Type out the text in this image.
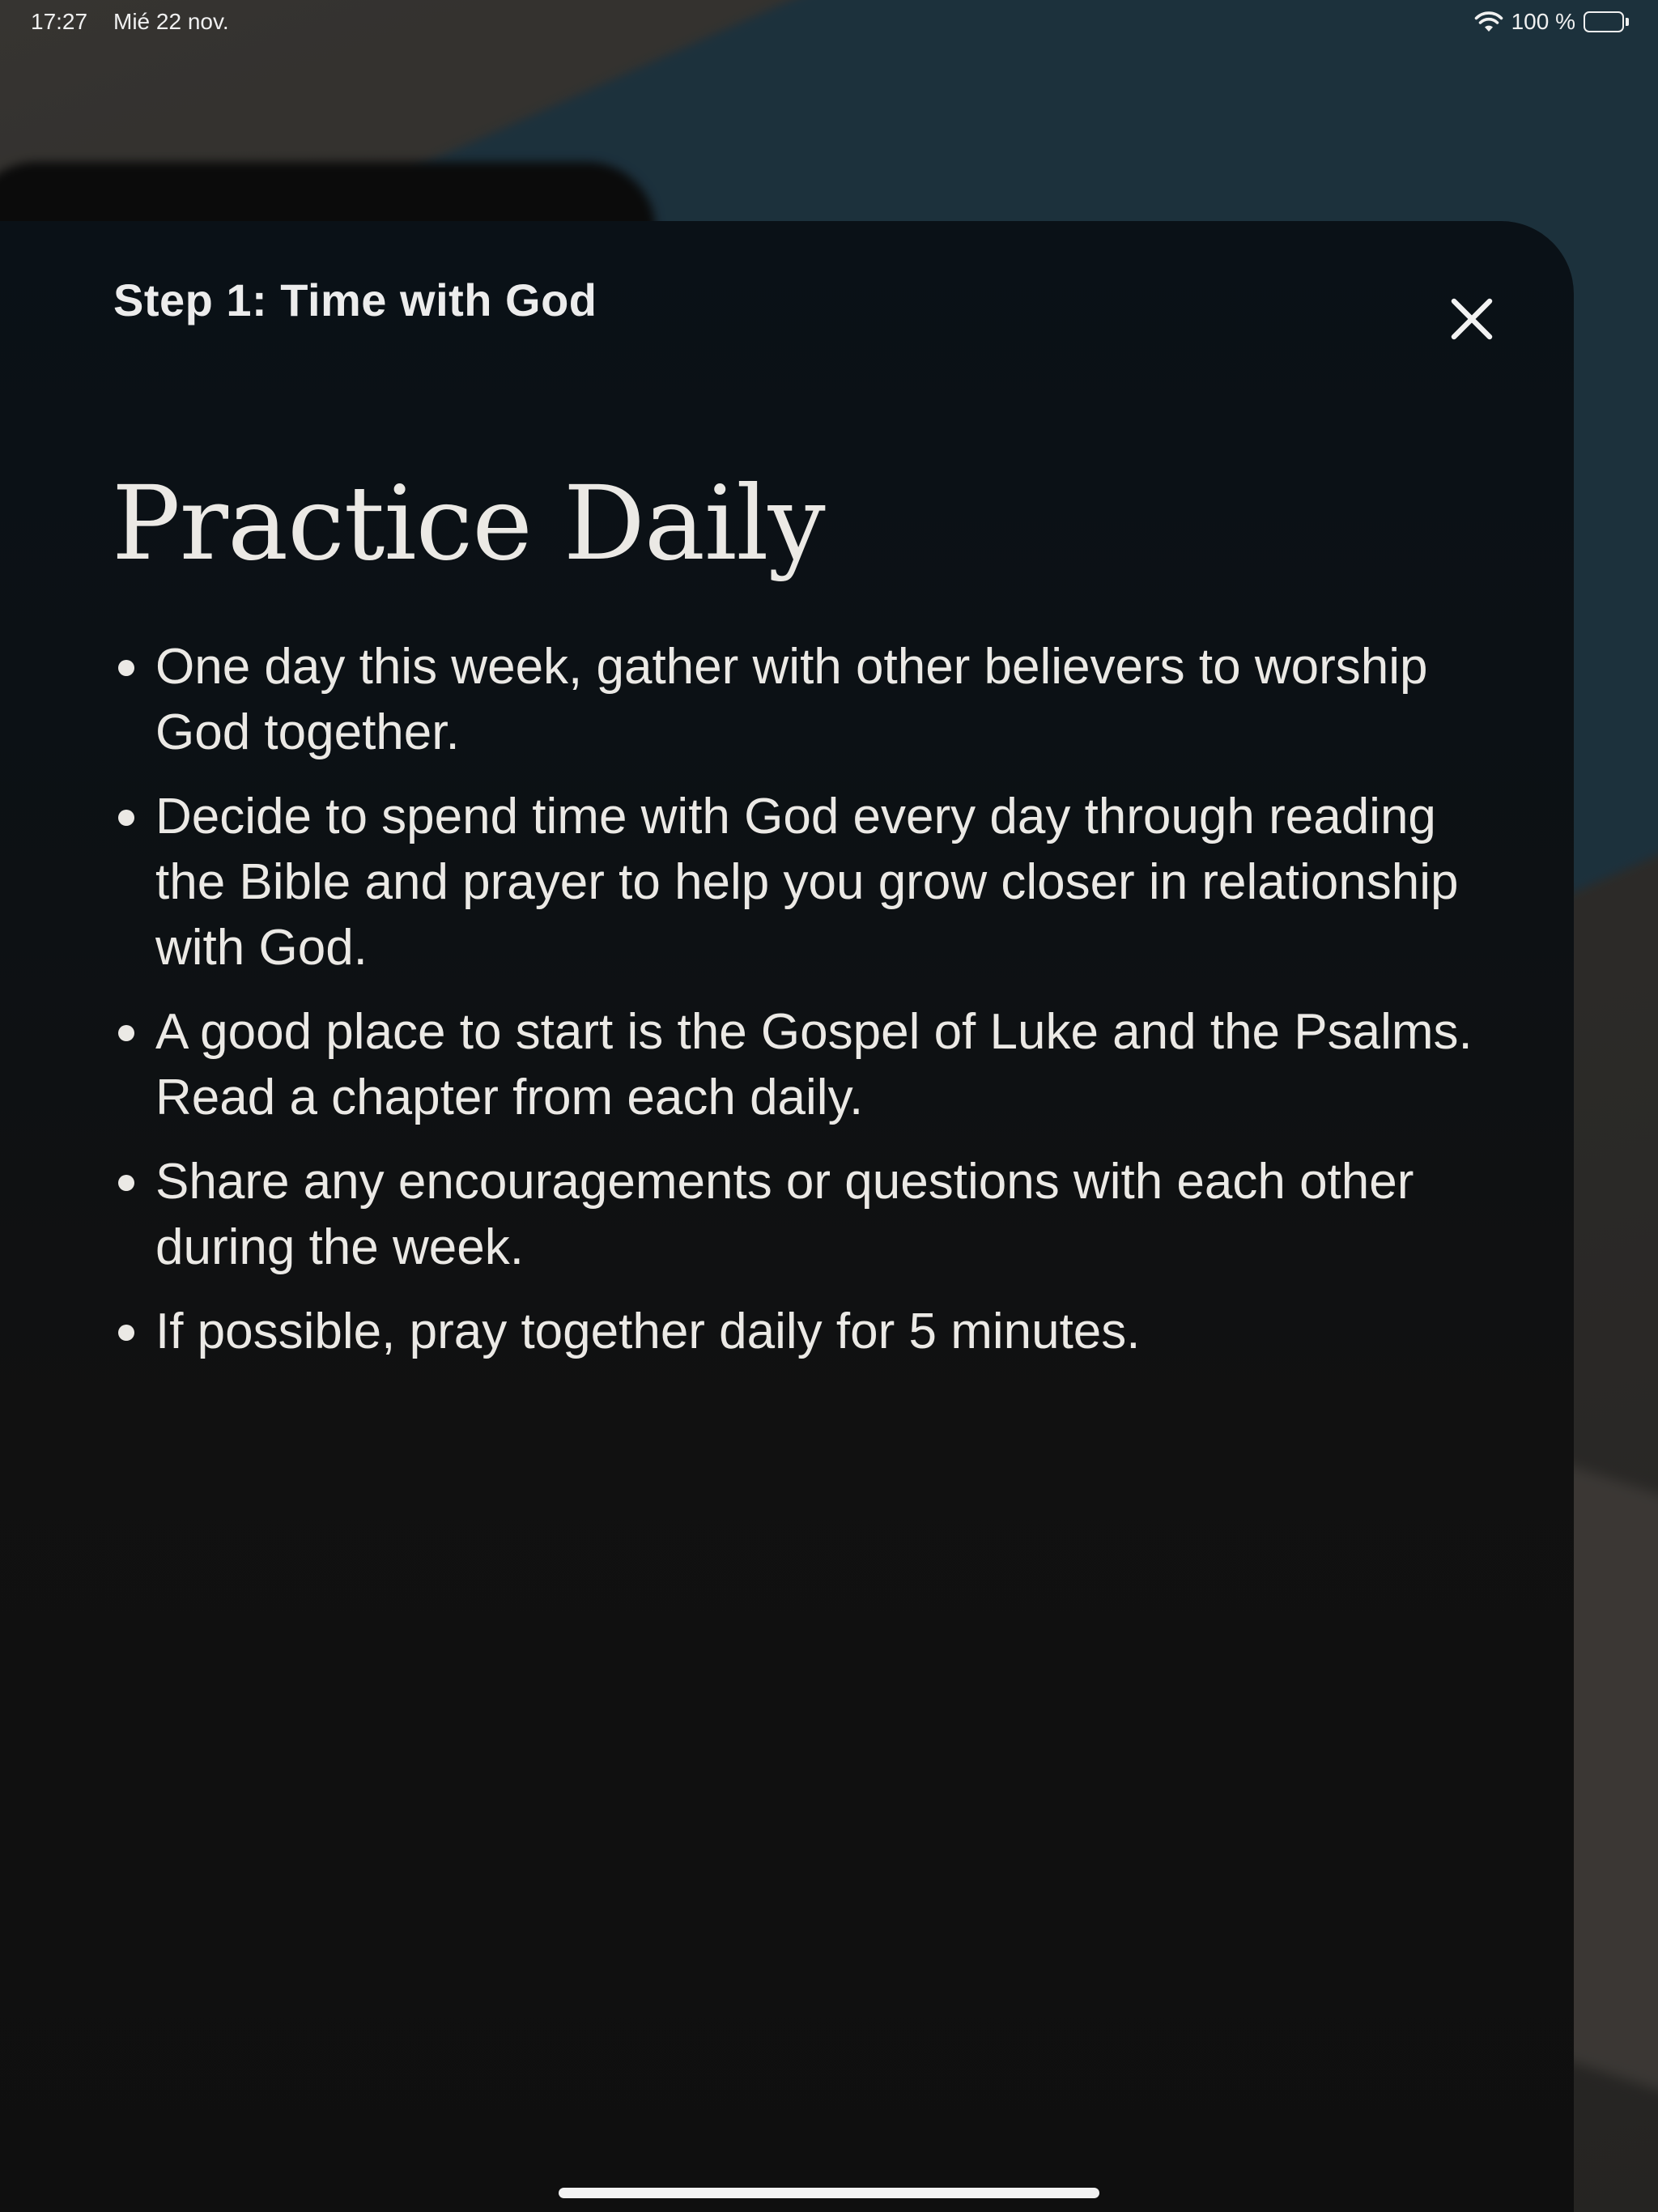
17:27 Mié 22 nov.	100 %
Step 1: Time with God
Practice Daily
One day this week, gather with other believers to worship God together.
Decide to spend time with God every day through reading the Bible and prayer to help you grow closer in relationship with God.
A good place to start is the Gospel of Luke and the Psalms. Read a chapter from each daily.
Share any encouragements or questions with each other during the week.
If possible, pray together daily for 5 minutes.
